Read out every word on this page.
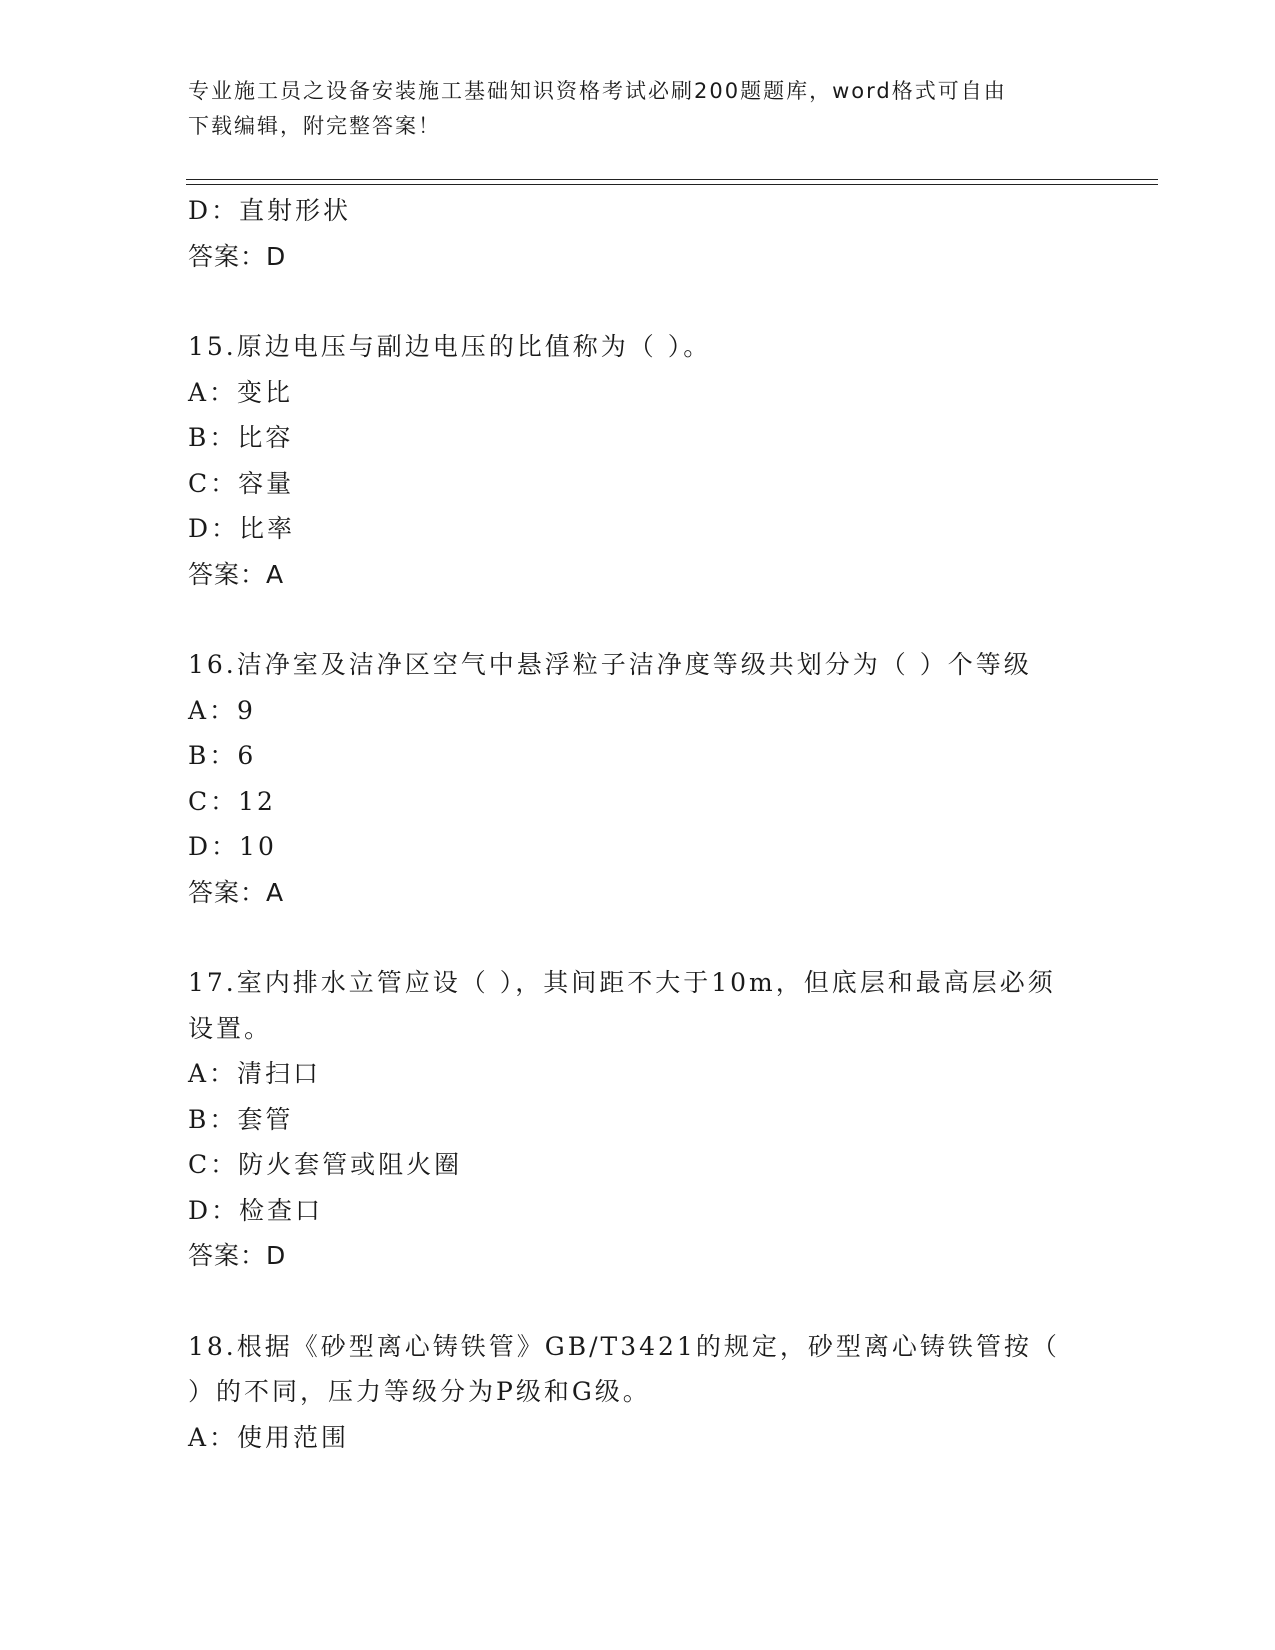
专业施工员之设备安装施工基础知识资格考试必刷200题题库，word格式可自由
下载编辑，附完整答案！
D：直射形状
答案：D
15.原边电压与副边电压的比值称为（ ）。
A：变比
B：比容
C：容量
D：比率
答案：A
16.洁净室及洁净区空气中悬浮粒子洁净度等级共划分为（ ）个等级
A：9
B：6
C：12
D：10
答案：A
17.室内排水立管应设（ ），其间距不大于10m，但底层和最高层必须
设置。
A：清扫口
B：套管
C：防火套管或阻火圈
D：检查口
答案：D
18.根据《砂型离心铸铁管》GB/T3421的规定，砂型离心铸铁管按（
）的不同，压力等级分为P级和G级。
A：使用范围
